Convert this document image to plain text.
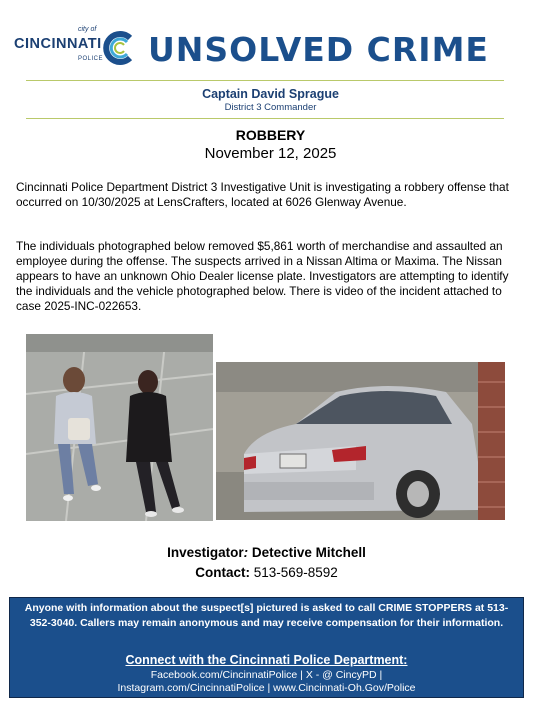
city of
CINCINNATI
POLICE UNSOLVED CRIME
Captain David Sprague
District 3 Commander
ROBBERY
November 12, 2025
Cincinnati Police Department District 3 Investigative Unit is investigating a robbery offense that occurred on 10/30/2025 at LensCrafters, located at 6026 Glenway Avenue.
The individuals photographed below removed $5,861 worth of merchandise and assaulted an employee during the offense. The suspects arrived in a Nissan Altima or Maxima. The Nissan appears to have an unknown Ohio Dealer license plate. Investigators are attempting to identify the individuals and the vehicle photographed below. There is video of the incident attached to case 2025-INC-022653.
Investigator: Detective Mitchell
Contact: 513-569-8592
Anyone with information about the suspect[s] pictured is asked to call CRIME STOPPERS at 513-352-3040. Callers may remain anonymous and may receive compensation for their information.
Connect with the Cincinnati Police Department:
Facebook.com/CincinnatiPolice | X - @ CincyPD |
Instagram.com/CincinnatiPolice | www.Cincinnati-Oh.Gov/Police
